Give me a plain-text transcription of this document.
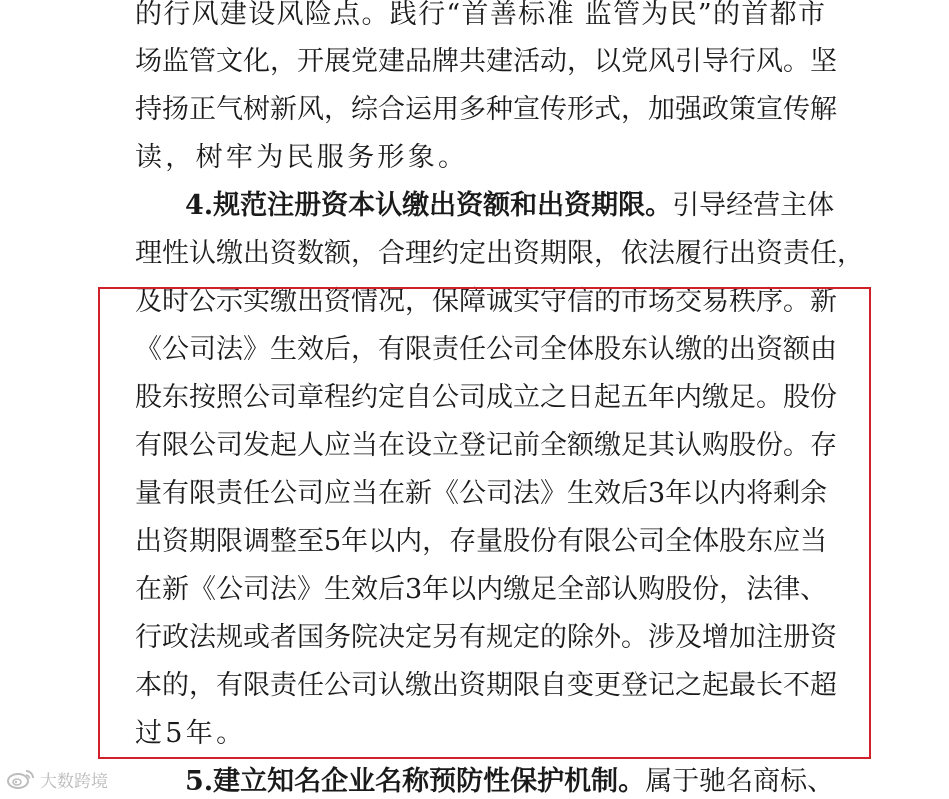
的行风建设风险点。践行“首善标准 监管为民”的首都市
场监管文化，开展党建品牌共建活动，以党风引导行风。坚
持扬正气树新风，综合运用多种宣传形式，加强政策宣传解
读，树牢为民服务形象。
4.规范注册资本认缴出资额和出资期限。引导经营主体
理性认缴出资数额，合理约定出资期限，依法履行出资责任，
及时公示实缴出资情况，保障诚实守信的市场交易秩序。新
《公司法》生效后，有限责任公司全体股东认缴的出资额由
股东按照公司章程约定自公司成立之日起五年内缴足。股份
有限公司发起人应当在设立登记前全额缴足其认购股份。存
量有限责任公司应当在新《公司法》生效后3年以内将剩余
出资期限调整至5年以内，存量股份有限公司全体股东应当
在新《公司法》生效后3年以内缴足全部认购股份，法律、
行政法规或者国务院决定另有规定的除外。涉及增加注册资
本的，有限责任公司认缴出资期限自变更登记之起最长不超
过5年。
5.建立知名企业名称预防性保护机制。属于驰名商标、
大数跨境
